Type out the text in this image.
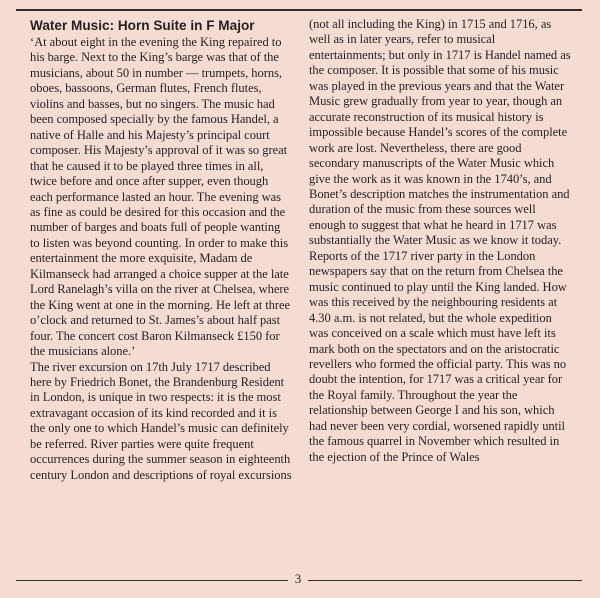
Water Music: Horn Suite in F Major

‘At about eight in the evening the King repaired to his barge. Next to the King’s barge was that of the musicians, about 50 in number — trumpets, horns, oboes, bassoons, German flutes, French flutes, violins and basses, but no singers. The music had been composed specially by the famous Handel, a native of Halle and his Majesty’s principal court composer. His Majesty’s approval of it was so great that he caused it to be played three times in all, twice before and once after supper, even though each performance lasted an hour. The evening was as fine as could be desired for this occasion and the number of barges and boats full of people wanting to listen was beyond counting. In order to make this entertainment the more exquisite, Madam de Kilmanseck had arranged a choice supper at the late Lord Ranelagh’s villa on the river at Chelsea, where the King went at one in the morning. He left at three o’clock and returned to St. James’s about half past four. The concert cost Baron Kilmanseck £150 for the musicians alone.’

The river excursion on 17th July 1717 described here by Friedrich Bonet, the Brandenburg Resident in London, is unique in two respects: it is the most extravagant occasion of its kind recorded and it is the only one to which Handel’s music can definitely be referred. River parties were quite frequent occurrences during the summer season in eighteenth century London and descriptions of royal excursions

(not all including the King) in 1715 and 1716, as well as in later years, refer to musical entertainments; but only in 1717 is Handel named as the composer. It is possible that some of his music was played in the previous years and that the Water Music grew gradually from year to year, though an accurate reconstruction of its musical history is impossible because Handel’s scores of the complete work are lost. Nevertheless, there are good secondary manuscripts of the Water Music which give the work as it was known in the 1740’s, and Bonet’s description matches the instrumentation and duration of the music from these sources well enough to suggest that what he heard in 1717 was substantially the Water Music as we know it today.

Reports of the 1717 river party in the London newspapers say that on the return from Chelsea the music continued to play until the King landed. How was this received by the neighbouring residents at 4.30 a.m. is not related, but the whole expedition was conceived on a scale which must have left its mark both on the spectators and on the aristocratic revellers who formed the official party. This was no doubt the intention, for 1717 was a critical year for the Royal family. Throughout the year the relationship between George I and his son, which had never been very cordial, worsened rapidly until the famous quarrel in November which resulted in the ejection of the Prince of Wales

3
